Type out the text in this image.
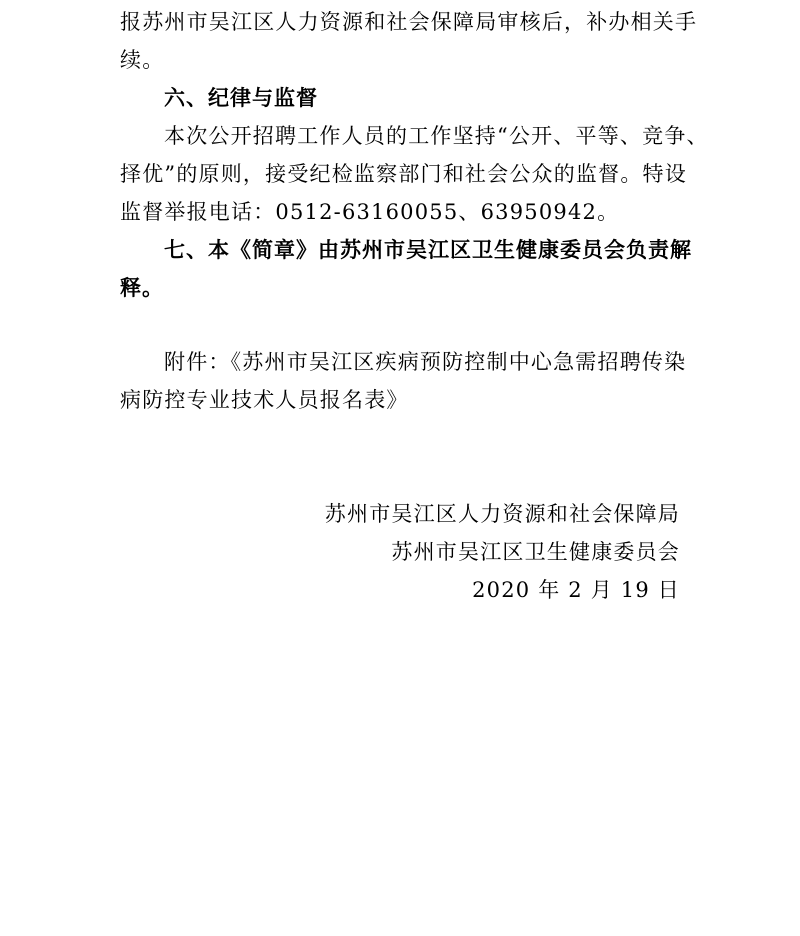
报苏州市吴江区人力资源和社会保障局审核后，补办相关手
续。
六、纪律与监督
本次公开招聘工作人员的工作坚持“公开、平等、竞争、
择优”的原则，接受纪检监察部门和社会公众的监督。特设
监督举报电话：0512-63160055、63950942。
七、本《简章》由苏州市吴江区卫生健康委员会负责解
释。
附件：《苏州市吴江区疾病预防控制中心急需招聘传染
病防控专业技术人员报名表》
苏州市吴江区人力资源和社会保障局
苏州市吴江区卫生健康委员会
2020 年 2 月 19 日
